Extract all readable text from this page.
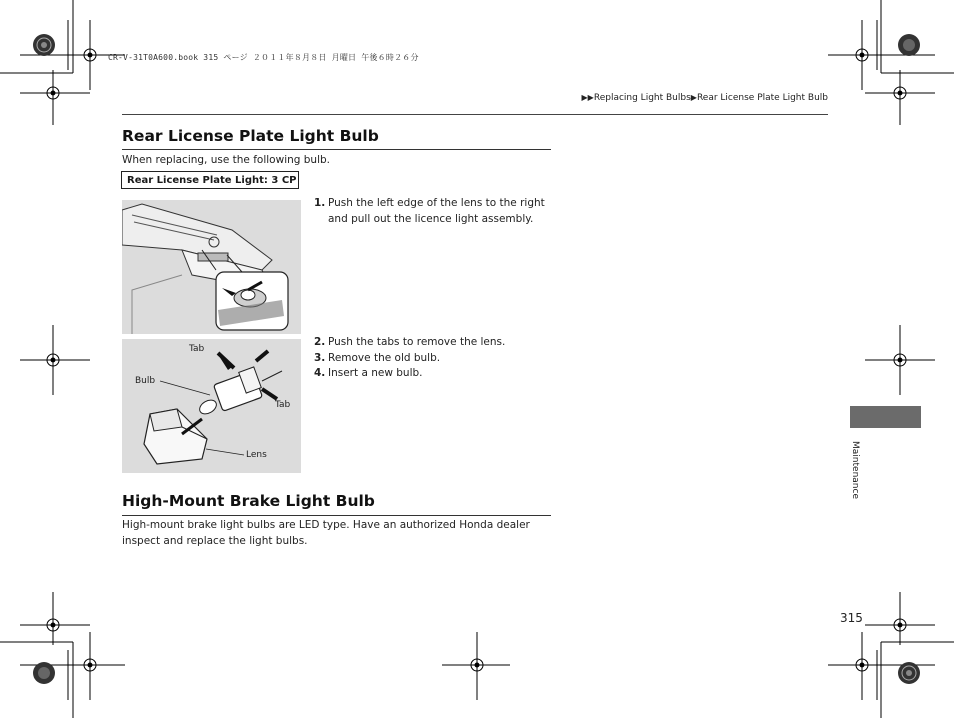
CR-V-31T0A600.book 315 ページ ２０１１年８月８日 月曜日 午後６時２６分
▶▶Replacing Light Bulbs▶Rear License Plate Light Bulb
Rear License Plate Light Bulb
When replacing, use the following bulb.
Rear License Plate Light: 3 CP
1. Push the left edge of the lens to the right and pull out the licence light assembly.
Tab
Bulb
Tab
Lens
2. Push the tabs to remove the lens.
3. Remove the old bulb.
4. Insert a new bulb.
High-Mount Brake Light Bulb
High-mount brake light bulbs are LED type. Have an authorized Honda dealer inspect and replace the light bulbs.
Maintenance
315
